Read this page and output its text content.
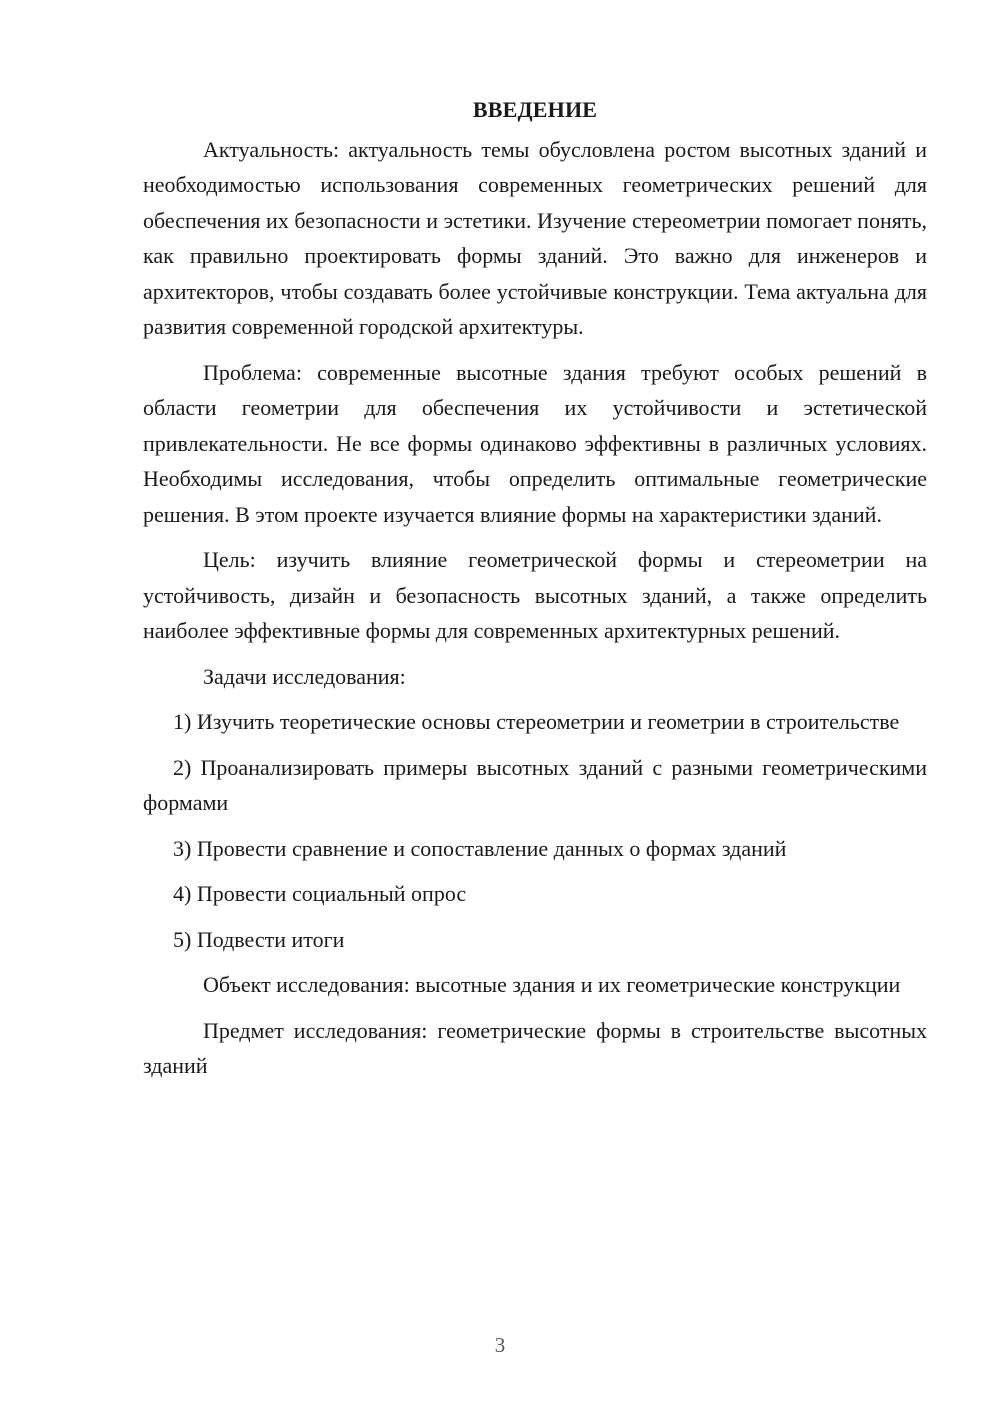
ВВЕДЕНИЕ

Актуальность: актуальность темы обусловлена ростом высотных зданий и необходимостью использования современных геометрических решений для обеспечения их безопасности и эстетики. Изучение стереометрии помогает понять, как правильно проектировать формы зданий. Это важно для инженеров и архитекторов, чтобы создавать более устойчивые конструкции. Тема актуальна для развития современной городской архитектуры.

Проблема: современные высотные здания требуют особых решений в области геометрии для обеспечения их устойчивости и эстетической привлекательности. Не все формы одинаково эффективны в различных условиях. Необходимы исследования, чтобы определить оптимальные геометрические решения. В этом проекте изучается влияние формы на характеристики зданий.

Цель: изучить влияние геометрической формы и стереометрии на устойчивость, дизайн и безопасность высотных зданий, а также определить наиболее эффективные формы для современных архитектурных решений.

Задачи исследования:

1) Изучить теоретические основы стереометрии и геометрии в строительстве

2) Проанализировать примеры высотных зданий с разными геометрическими формами

3) Провести сравнение и сопоставление данных о формах зданий

4) Провести социальный опрос

5) Подвести итоги

Объект исследования: высотные здания и их геометрические конструкции

Предмет исследования: геометрические формы в строительстве высотных зданий

3
